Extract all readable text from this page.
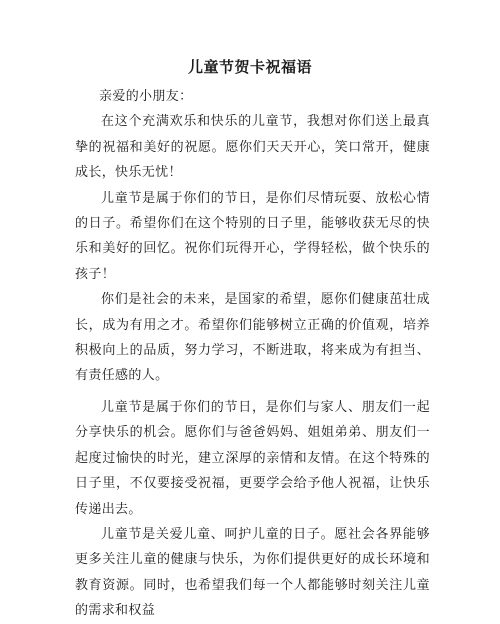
儿童节贺卡祝福语

亲爱的小朋友：

在这个充满欢乐和快乐的儿童节，我想对你们送上最真挚的祝福和美好的祝愿。愿你们天天开心，笑口常开，健康成长，快乐无忧！

儿童节是属于你们的节日，是你们尽情玩耍、放松心情的日子。希望你们在这个特别的日子里，能够收获无尽的快乐和美好的回忆。祝你们玩得开心，学得轻松，做个快乐的孩子！

你们是社会的未来，是国家的希望，愿你们健康茁壮成长，成为有用之才。希望你们能够树立正确的价值观，培养积极向上的品质，努力学习，不断进取，将来成为有担当、有责任感的人。

儿童节是属于你们的节日，是你们与家人、朋友们一起分享快乐的机会。愿你们与爸爸妈妈、姐姐弟弟、朋友们一起度过愉快的时光，建立深厚的亲情和友情。在这个特殊的日子里，不仅要接受祝福，更要学会给予他人祝福，让快乐传递出去。

儿童节是关爱儿童、呵护儿童的日子。愿社会各界能够更多关注儿童的健康与快乐，为你们提供更好的成长环境和教育资源。同时，也希望我们每一个人都能够时刻关注儿童的需求和权益
